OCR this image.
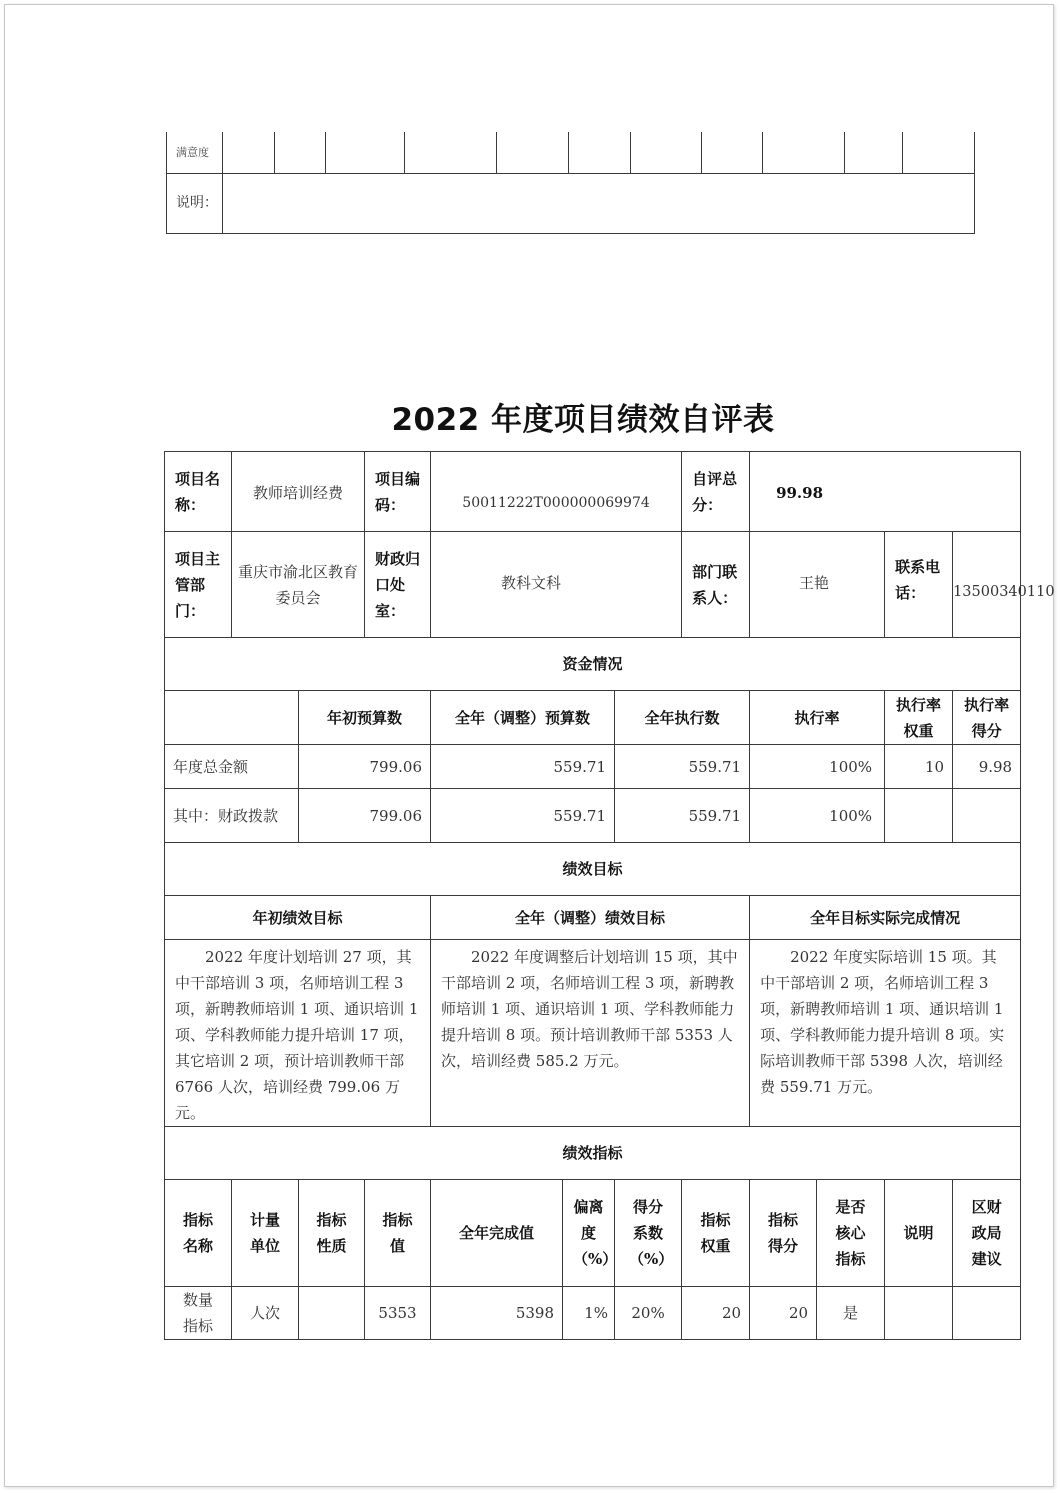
满意度											
说明：											
2022 年度项目绩效自评表
项目名称：	教师培训经费		项目编码：	50011222T000000069974			自评总分：	99.98			
项目主管部门：	重庆市渝北区教育委员会		财政归口处室：	教科文科			部门联系人：	王艳		联系电话：	13500340110
资金情况											
		年初预算数		全年（调整）预算数		全年执行数		执行率		执行率权重	执行率得分
年度总金额		799.06		559.71		559.71		100%		10	9.98
其中：财政拨款		799.06		559.71		559.71		100%			
绩效目标											
年初绩效目标				全年（调整）绩效目标				全年目标实际完成情况			
2022 年度计划培训 27 项，其中干部培训 3 项，名师培训工程 3 项，新聘教师培训 1 项、通识培训 1 项、学科教师能力提升培训 17 项，其它培训 2 项，预计培训教师干部 6766 人次，培训经费 799.06 万元。				2022 年度调整后计划培训 15 项，其中干部培训 2 项，名师培训工程 3 项，新聘教师培训 1 项、通识培训 1 项、学科教师能力提升培训 8 项。预计培训教师干部 5353 人次，培训经费 585.2 万元。				2022 年度实际培训 15 项。其中干部培训 2 项，名师培训工程 3 项，新聘教师培训 1 项、通识培训 1 项、学科教师能力提升培训 8 项。实际培训教师干部 5398 人次，培训经费 559.71 万元。			
绩效指标											
指标名称	计量单位	指标性质	指标值	全年完成值	偏离度（%）	得分系数（%）	指标权重	指标得分	是否核心指标	说明	区财政局建议
数量指标	人次		5353	5398	1%	20%	20	20	是		
